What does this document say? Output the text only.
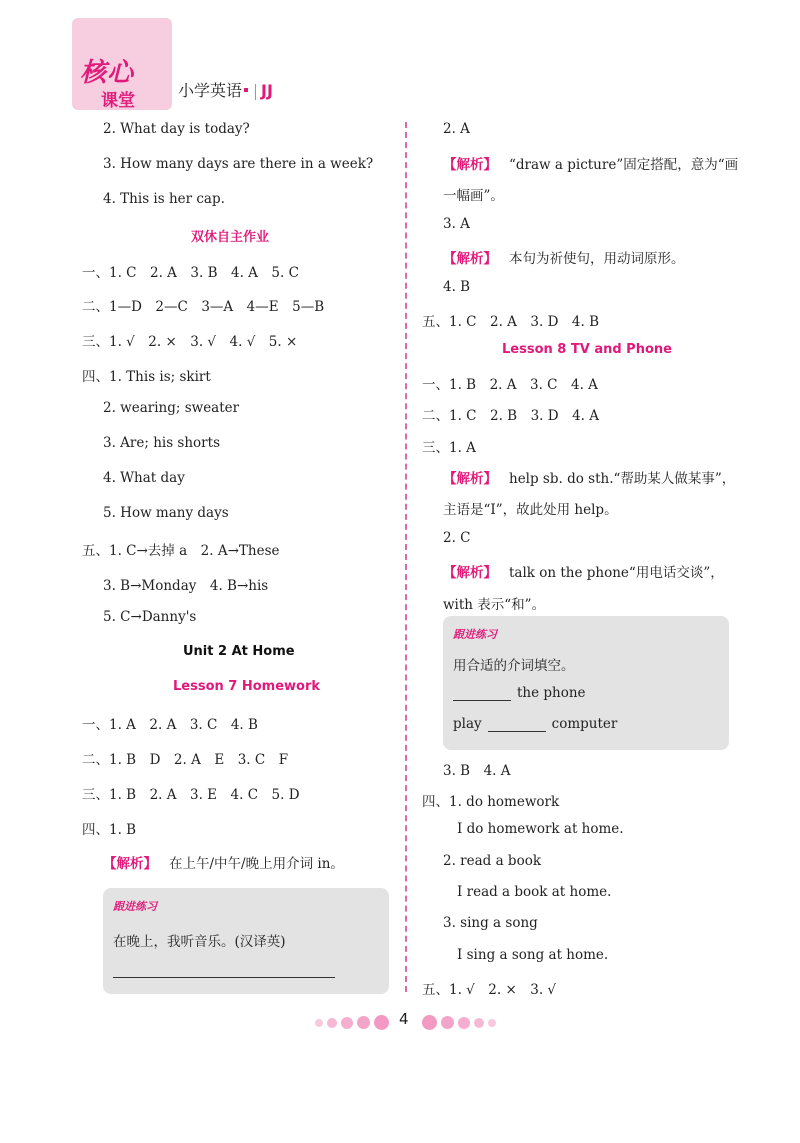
核心
课堂
小学英语 JJ
2. What day is today?
3. How many days are there in a week?
4. This is her cap.
双休自主作业
一、1. C　2. A　3. B　4. A　5. C
二、1—D　2—C　3—A　4—E　5—B
三、1. √　2. ×　3. √　4. √　5. ×
四、1. This is; skirt
2. wearing; sweater
3. Are; his shorts
4. What day
5. How many days
五、1. C→去掉 a　2. A→These
3. B→Monday　4. B→his
5. C→Danny's
Unit 2 At Home
Lesson 7 Homework
一、1. A　2. A　3. C　4. B
二、1. B　D　2. A　E　3. C　F
三、1. B　2. A　3. E　4. C　5. D
四、1. B
【解析】 在上午/中午/晚上用介词 in。
跟进练习
在晚上，我听音乐。(汉译英)
2. A
【解析】 “draw a picture”固定搭配，意为“画
一幅画”。
3. A
【解析】 本句为祈使句，用动词原形。
4. B
五、1. C　2. A　3. D　4. B
Lesson 8 TV and Phone
一、1. B　2. A　3. C　4. A
二、1. C　2. B　3. D　4. A
三、1. A
【解析】 help sb. do sth.“帮助某人做某事”，
主语是“I”，故此处用 help。
2. C
【解析】 talk on the phone“用电话交谈”，
with 表示“和”。
跟进练习
用合适的介词填空。
the phone
play	computer
3. B　4. A
四、1. do homework
I do homework at home.
2. read a book
I read a book at home.
3. sing a song
I sing a song at home.
五、1. √　2. ×　3. √
4
